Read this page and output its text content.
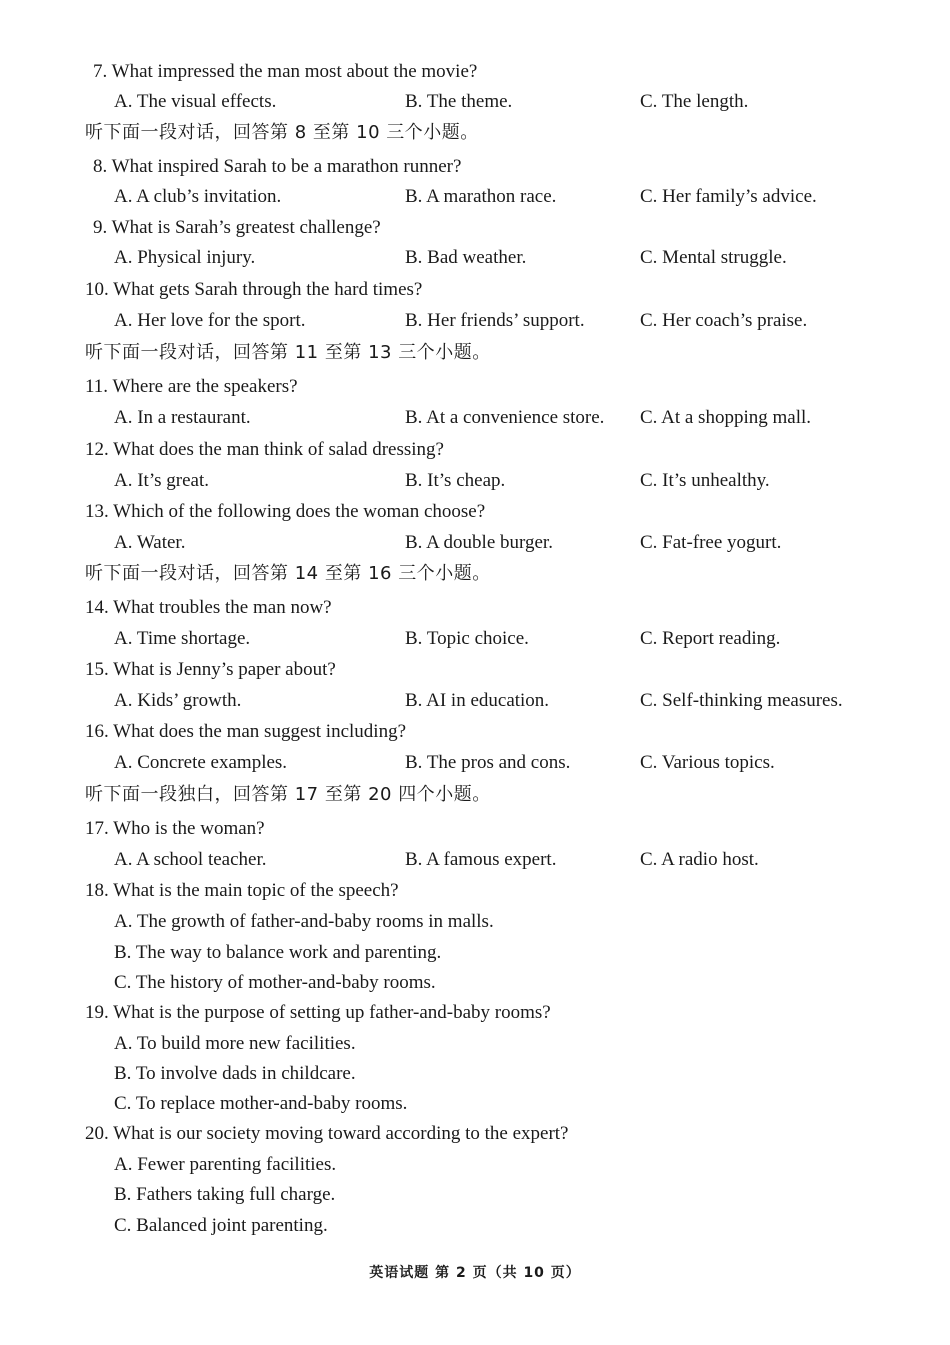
7. What impressed the man most about the movie?
A. The visual effects.	B. The theme.	C. The length.
听下面一段对话，回答第 8 至第 10 三个小题。
8. What inspired Sarah to be a marathon runner?
A. A club’s invitation.	B. A marathon race.	C. Her family’s advice.
9. What is Sarah’s greatest challenge?
A. Physical injury.	B. Bad weather.	C. Mental struggle.
10. What gets Sarah through the hard times?
A. Her love for the sport.	B. Her friends’ support.	C. Her coach’s praise.
听下面一段对话，回答第 11 至第 13 三个小题。
11. Where are the speakers?
A. In a restaurant.	B. At a convenience store. C. At a shopping mall.
12. What does the man think of salad dressing?
A. It’s great.	B. It’s cheap.	C. It’s unhealthy.
13. Which of the following does the woman choose?
A. Water.	B. A double burger.	C. Fat-free yogurt.
听下面一段对话，回答第 14 至第 16 三个小题。
14. What troubles the man now?
A. Time shortage.	B. Topic choice.	C. Report reading.
15. What is Jenny’s paper about?
A. Kids’ growth.	B. AI in education.	C. Self-thinking measures.
16. What does the man suggest including?
A. Concrete examples.	B. The pros and cons.	C. Various topics.
听下面一段独白，回答第 17 至第 20 四个小题。
17. Who is the woman?
A. A school teacher.	B. A famous expert.	C. A radio host.
18. What is the main topic of the speech?
A. The growth of father-and-baby rooms in malls.
B. The way to balance work and parenting.
C. The history of mother-and-baby rooms.
19. What is the purpose of setting up father-and-baby rooms?
A. To build more new facilities.
B. To involve dads in childcare.
C. To replace mother-and-baby rooms.
20. What is our society moving toward according to the expert?
A. Fewer parenting facilities.
B. Fathers taking full charge.
C. Balanced joint parenting.
英语试题 第 2 页（共 10 页）
